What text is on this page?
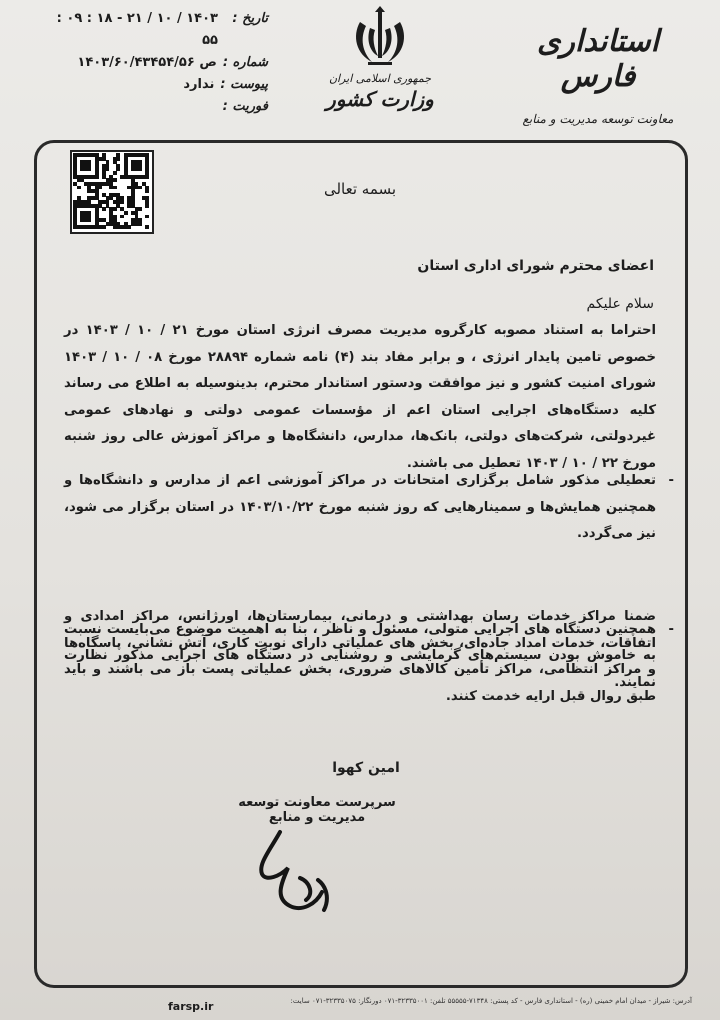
تاریخ :
۱۴۰۳ / ۱۰ / ۲۱ - ۱۸ : ۰۹ : ۵۵
شماره :
ص ۱۴۰۳/۶۰/۴۳۴۵۴/۵۶
پیوست :
ندارد
فوریت :
جمهوری اسلامی ایران
وزارت کشور
استانداری فارس
معاونت توسعه مدیریت و منابع
بسمه تعالی
اعضای محترم شورای اداری استان
سلام علیکم
احتراما به استناد مصوبه کارگروه مدیریت مصرف انرژی استان مورخ ۲۱ / ۱۰ / ۱۴۰۳ در خصوص تامین پایدار انرژی ، و برابر مفاد بند (۴) نامه شماره ۲۸۸۹۴ مورخ ۰۸ / ۱۰ / ۱۴۰۳ شورای امنیت کشور و نیز موافقت ودستور استاندار محترم، بدینوسیله به اطلاع می رساند کلیه دستگاه‌های اجرایی استان اعم از مؤسسات عمومی دولتی و نهادهای عمومی غیردولتی، شرکت‌های دولتی، بانک‌ها، مدارس، دانشگاه‌ها و مراکز آموزش عالی روز شنبه مورخ ۲۲ / ۱۰ / ۱۴۰۳ تعطیل می باشند.
- تعطیلی مذکور شامل برگزاری امتحانات در مراکز آموزشی اعم از مدارس و دانشگاه‌ها و همچنین همایش‌ها و سمینارهایی که روز شنبه مورخ ۱۴۰۳/۱۰/۲۲ در استان برگزار می شود، نیز می‌گردد.
- همچنین دستگاه های اجرایی متولی، مسئول و ناظر ، بنا به اهمیت موضوع می‌بایست نسبت به خاموش بودن سیستم‌های گرمایشی و روشنایی در دستگاه های اجرایی مذکور نظارت نمایند.
ضمنا مراکز خدمات رسان بهداشتی و درمانی، بیمارستان‌ها، اورژانس، مراکز امدادی و اتفاقات، خدمات امداد جاده‌ای، بخش های عملیاتی دارای نوبت کاری، آتش نشانی، پاسگاه‌ها و مراکز انتظامی، مراکز تأمین کالاهای ضروری، بخش عملیاتی پست باز می باشند و باید طبق روال قبل ارایه خدمت کنند.
امین کهوا
سرپرست معاونت توسعه مدیریت و منابع
آدرس: شیراز - میدان امام خمینی (ره) - استانداری فارس - کد پستی: ۷۱۳۴۸-۵۵۵۵۵ تلفن: ۳۲۳۳۵۰۰۱-۰۷۱ دورنگار: ۳۲۳۳۵۰۷۵-۰۷۱ سایت:
farsp.ir
